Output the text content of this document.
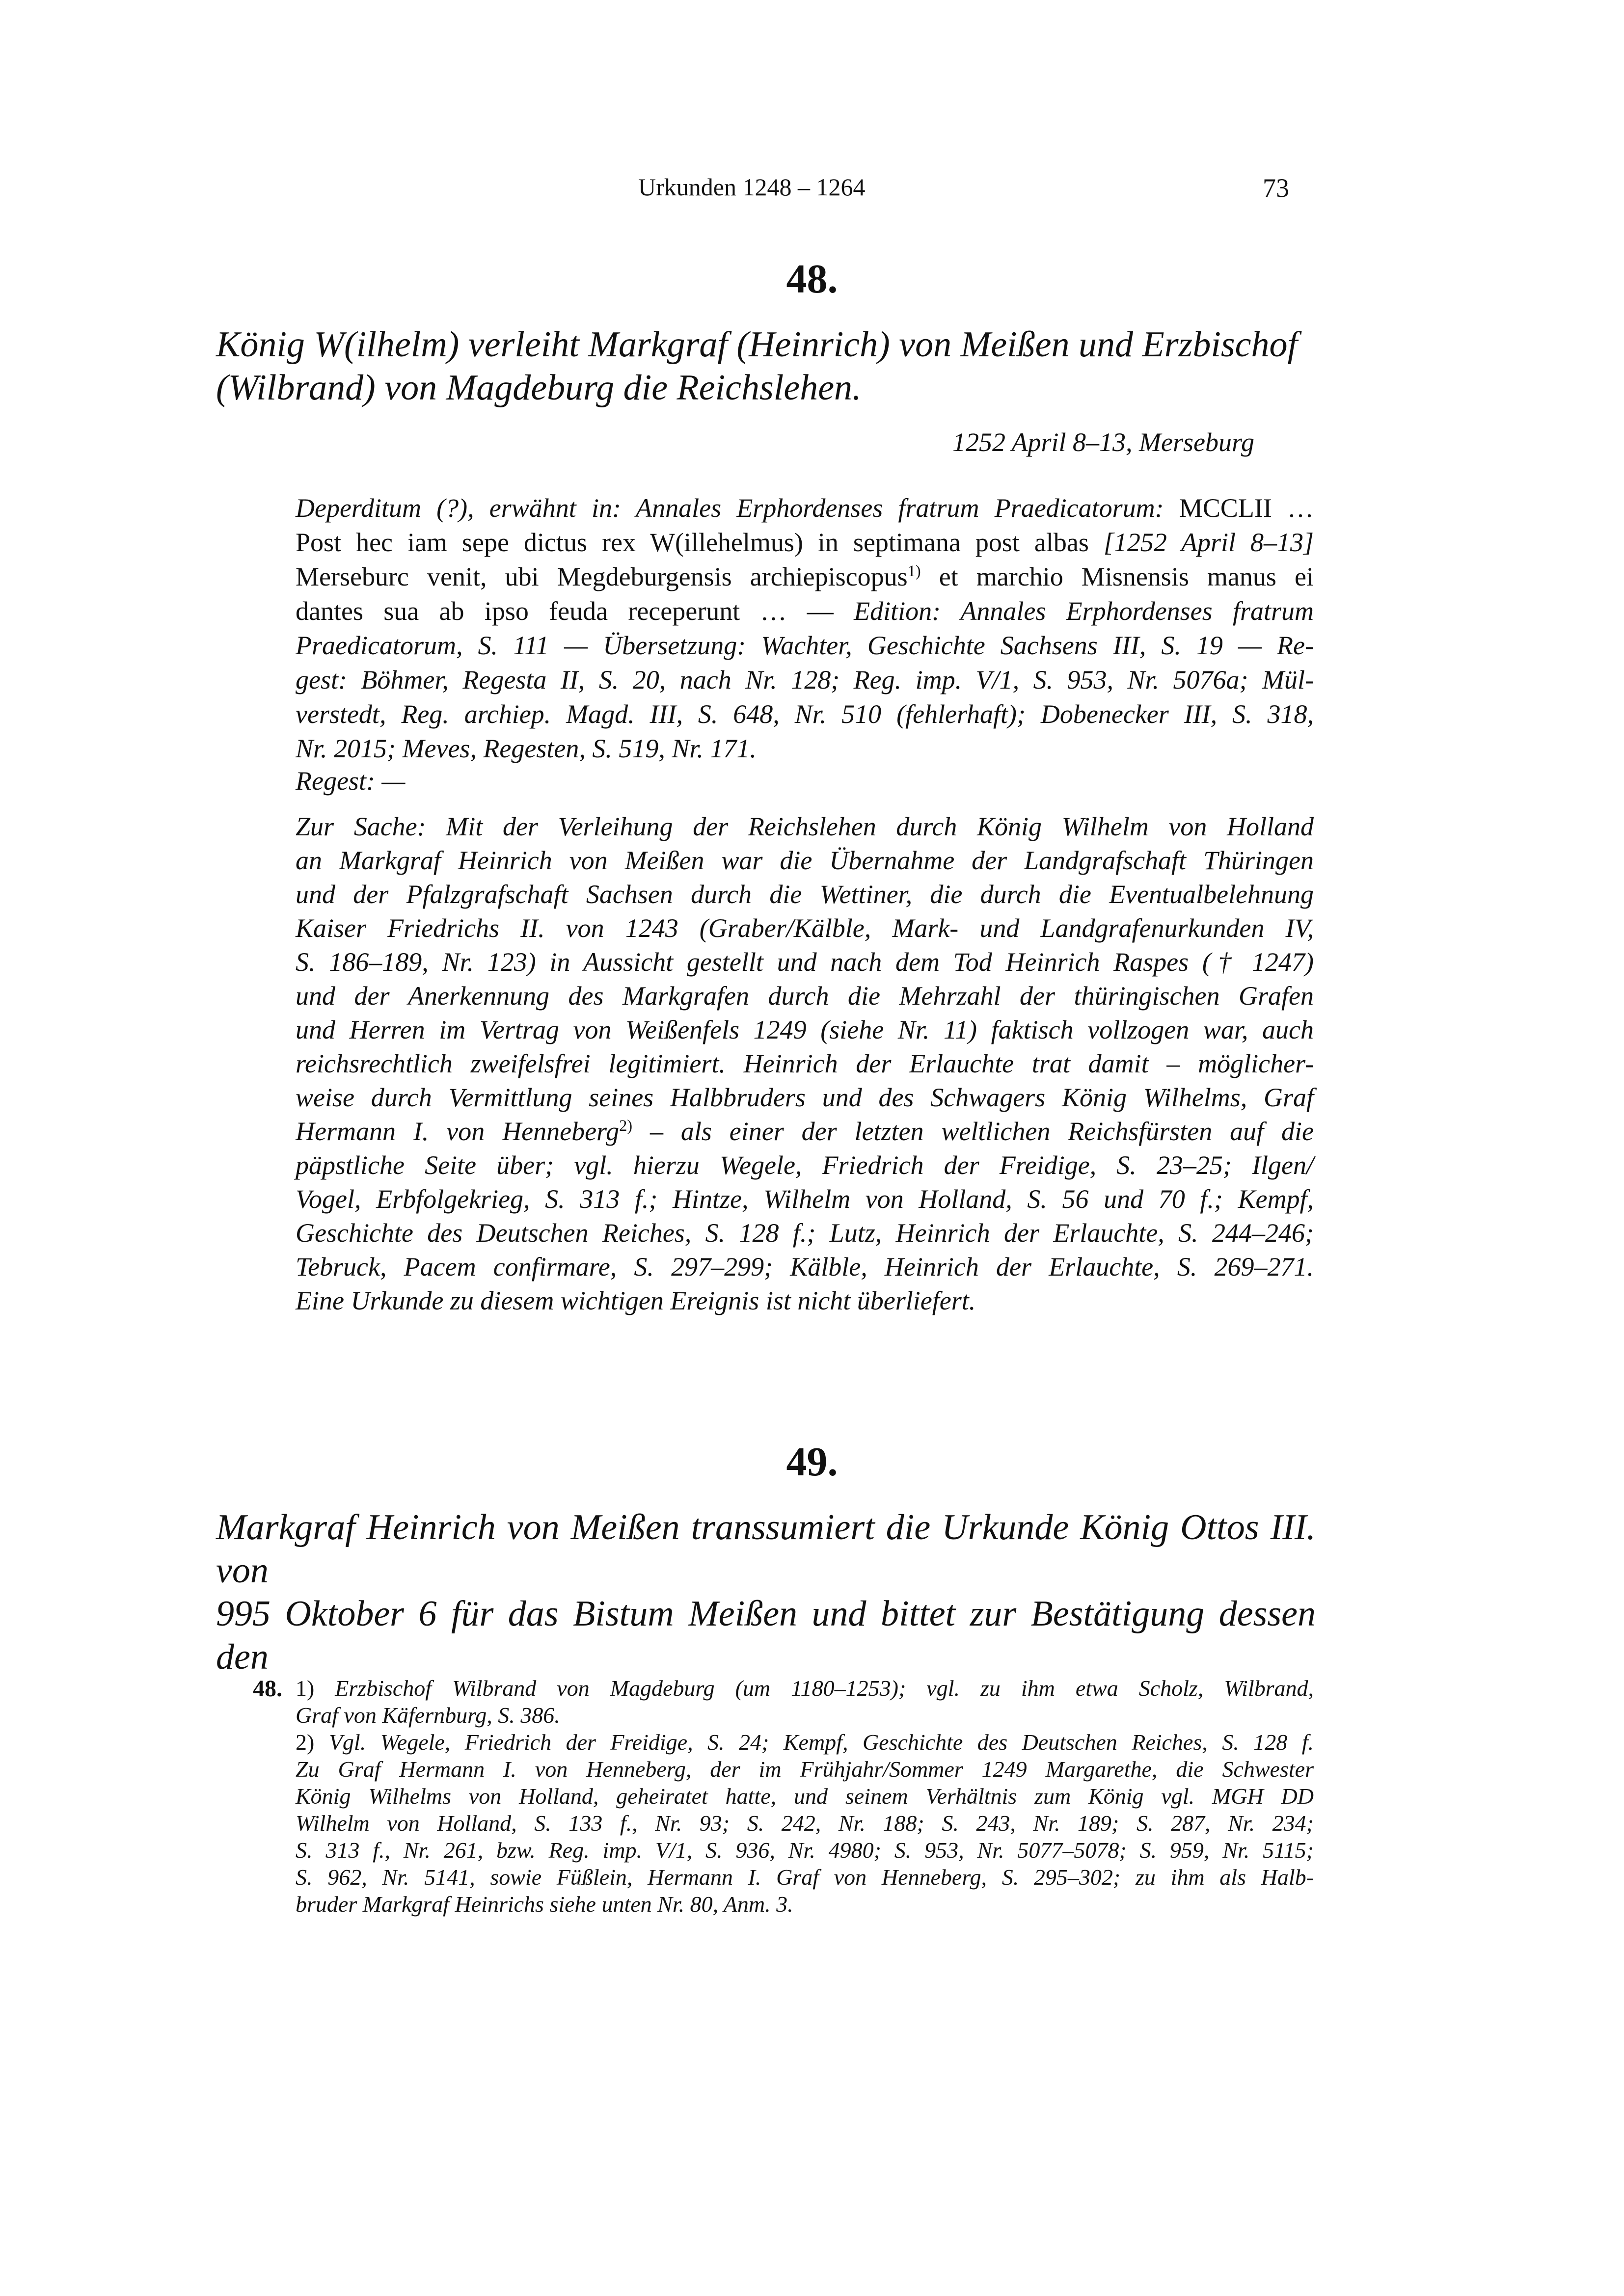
Urkunden 1248 – 1264	73
48.
König W(ilhelm) verleiht Markgraf (Heinrich) von Meißen und Erzbischof
(Wilbrand) von Magdeburg die Reichslehen.
1252 April 8–13, Merseburg
Deperditum (?), erwähnt in: Annales Erphordenses fratrum Praedicatorum: MCCLII …
Post hec iam sepe dictus rex W(illehelmus) in septimana post albas [1252 April 8–13]
Merseburc venit, ubi Megdeburgensis archiepiscopus$^{1)}$ et marchio Misnensis manus ei
dantes sua ab ipso feuda receperunt … — Edition: Annales Erphordenses fratrum
Praedicatorum, S. 111 — Übersetzung: Wachter, Geschichte Sachsens III, S. 19 — Re-
gest: Böhmer, Regesta II, S. 20, nach Nr. 128; Reg. imp. V/1, S. 953, Nr. 5076a; Mül-
verstedt, Reg. archiep. Magd. III, S. 648, Nr. 510 (fehlerhaft); Dobenecker III, S. 318,
Nr. 2015; Meves, Regesten, S. 519, Nr. 171.
Regest: —
Zur Sache: Mit der Verleihung der Reichslehen durch König Wilhelm von Holland
an Markgraf Heinrich von Meißen war die Übernahme der Landgrafschaft Thüringen
und der Pfalzgrafschaft Sachsen durch die Wettiner, die durch die Eventualbelehnung
Kaiser Friedrichs II. von 1243 (Graber/Kälble, Mark- und Landgrafenurkunden IV,
S. 186–189, Nr. 123) in Aussicht gestellt und nach dem Tod Heinrich Raspes († 1247)
und der Anerkennung des Markgrafen durch die Mehrzahl der thüringischen Grafen
und Herren im Vertrag von Weißenfels 1249 (siehe Nr. 11) faktisch vollzogen war, auch
reichsrechtlich zweifelsfrei legitimiert. Heinrich der Erlauchte trat damit – möglicher-
weise durch Vermittlung seines Halbbruders und des Schwagers König Wilhelms, Graf
Hermann I. von Henneberg$^{2)}$ – als einer der letzten weltlichen Reichsfürsten auf die
päpstliche Seite über; vgl. hierzu Wegele, Friedrich der Freidige, S. 23–25; Ilgen/
Vogel, Erbfolgekrieg, S. 313 f.; Hintze, Wilhelm von Holland, S. 56 und 70 f.; Kempf,
Geschichte des Deutschen Reiches, S. 128 f.; Lutz, Heinrich der Erlauchte, S. 244–246;
Tebruck, Pacem confirmare, S. 297–299; Kälble, Heinrich der Erlauchte, S. 269–271.
Eine Urkunde zu diesem wichtigen Ereignis ist nicht überliefert.
49.
Markgraf Heinrich von Meißen transsumiert die Urkunde König Ottos III. von
995 Oktober 6 für das Bistum Meißen und bittet zur Bestätigung dessen den
48. 1) Erzbischof Wilbrand von Magdeburg (um 1180–1253); vgl. zu ihm etwa Scholz, Wilbrand,
Graf von Käfernburg, S. 386.
2) Vgl. Wegele, Friedrich der Freidige, S. 24; Kempf, Geschichte des Deutschen Reiches, S. 128 f.
Zu Graf Hermann I. von Henneberg, der im Frühjahr/Sommer 1249 Margarethe, die Schwester
König Wilhelms von Holland, geheiratet hatte, und seinem Verhältnis zum König vgl. MGH DD
Wilhelm von Holland, S. 133 f., Nr. 93; S. 242, Nr. 188; S. 243, Nr. 189; S. 287, Nr. 234;
S. 313 f., Nr. 261, bzw. Reg. imp. V/1, S. 936, Nr. 4980; S. 953, Nr. 5077–5078; S. 959, Nr. 5115;
S. 962, Nr. 5141, sowie Füßlein, Hermann I. Graf von Henneberg, S. 295–302; zu ihm als Halb-
bruder Markgraf Heinrichs siehe unten Nr. 80, Anm. 3.
